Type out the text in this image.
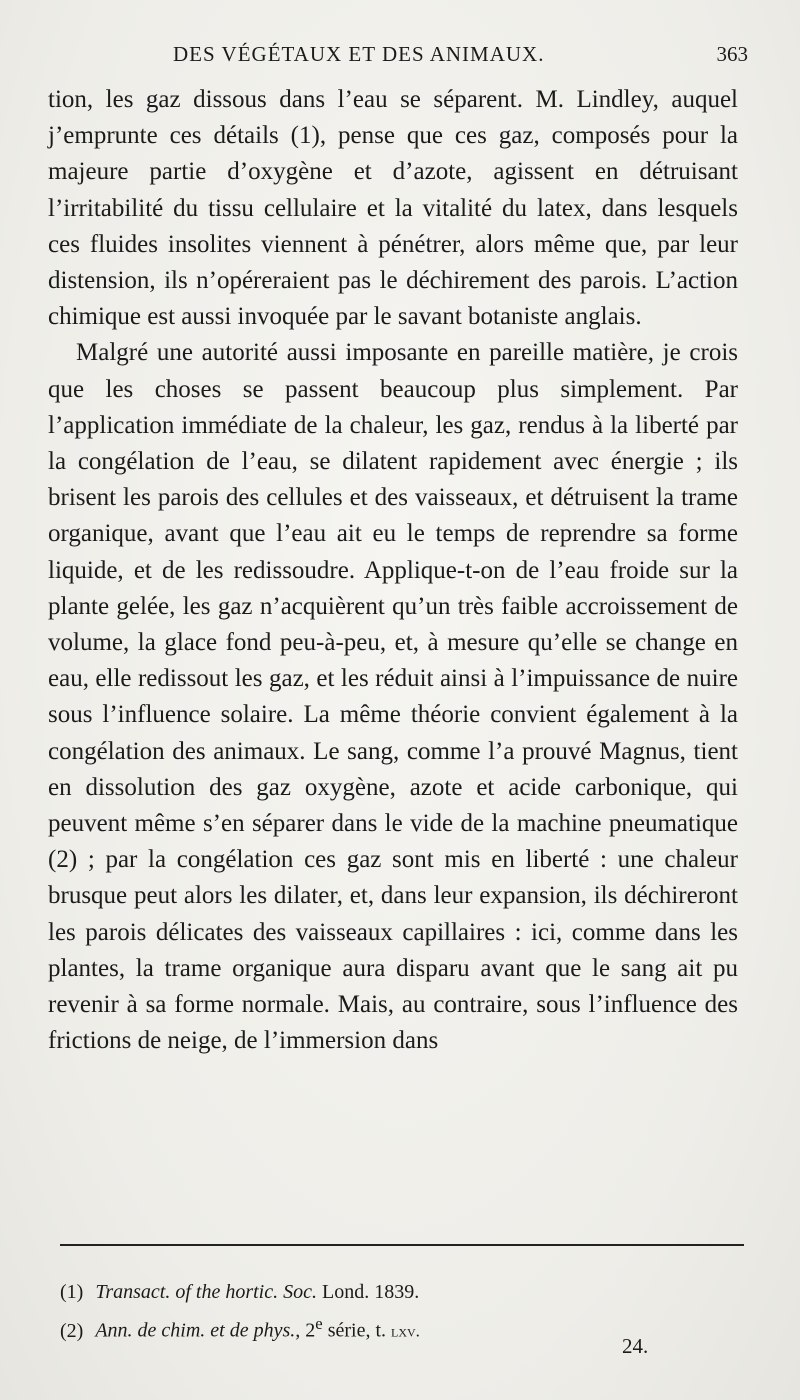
DES VÉGÉTAUX ET DES ANIMAUX.	363

tion, les gaz dissous dans l’eau se séparent. M. Lindley, auquel j’emprunte ces détails (1), pense que ces gaz, composés pour la majeure partie d’oxygène et d’azote, agissent en détruisant l’irritabilité du tissu cellulaire et la vitalité du latex, dans lesquels ces fluides insolites viennent à pénétrer, alors même que, par leur distension, ils n’opéreraient pas le déchirement des parois. L’action chimique est aussi invoquée par le savant botaniste anglais.

Malgré une autorité aussi imposante en pareille matière, je crois que les choses se passent beaucoup plus simplement. Par l’application immédiate de la chaleur, les gaz, rendus à la liberté par la congélation de l’eau, se dilatent rapidement avec énergie ; ils brisent les parois des cellules et des vaisseaux, et détruisent la trame organique, avant que l’eau ait eu le temps de reprendre sa forme liquide, et de les redissoudre. Applique-t-on de l’eau froide sur la plante gelée, les gaz n’acquièrent qu’un très faible accroissement de volume, la glace fond peu-à-peu, et, à mesure qu’elle se change en eau, elle redissout les gaz, et les réduit ainsi à l’impuissance de nuire sous l’influence solaire. La même théorie convient également à la congélation des animaux. Le sang, comme l’a prouvé Magnus, tient en dissolution des gaz oxygène, azote et acide carbonique, qui peuvent même s’en séparer dans le vide de la machine pneumatique (2) ; par la congélation ces gaz sont mis en liberté : une chaleur brusque peut alors les dilater, et, dans leur expansion, ils déchireront les parois délicates des vaisseaux capillaires : ici, comme dans les plantes, la trame organique aura disparu avant que le sang ait pu revenir à sa forme normale. Mais, au contraire, sous l’influence des frictions de neige, de l’immersion dans

(1) Transact. of the hortic. Soc. Lond. 1839.
(2) Ann. de chim. et de phys., 2e série, t. lxv.
24.
